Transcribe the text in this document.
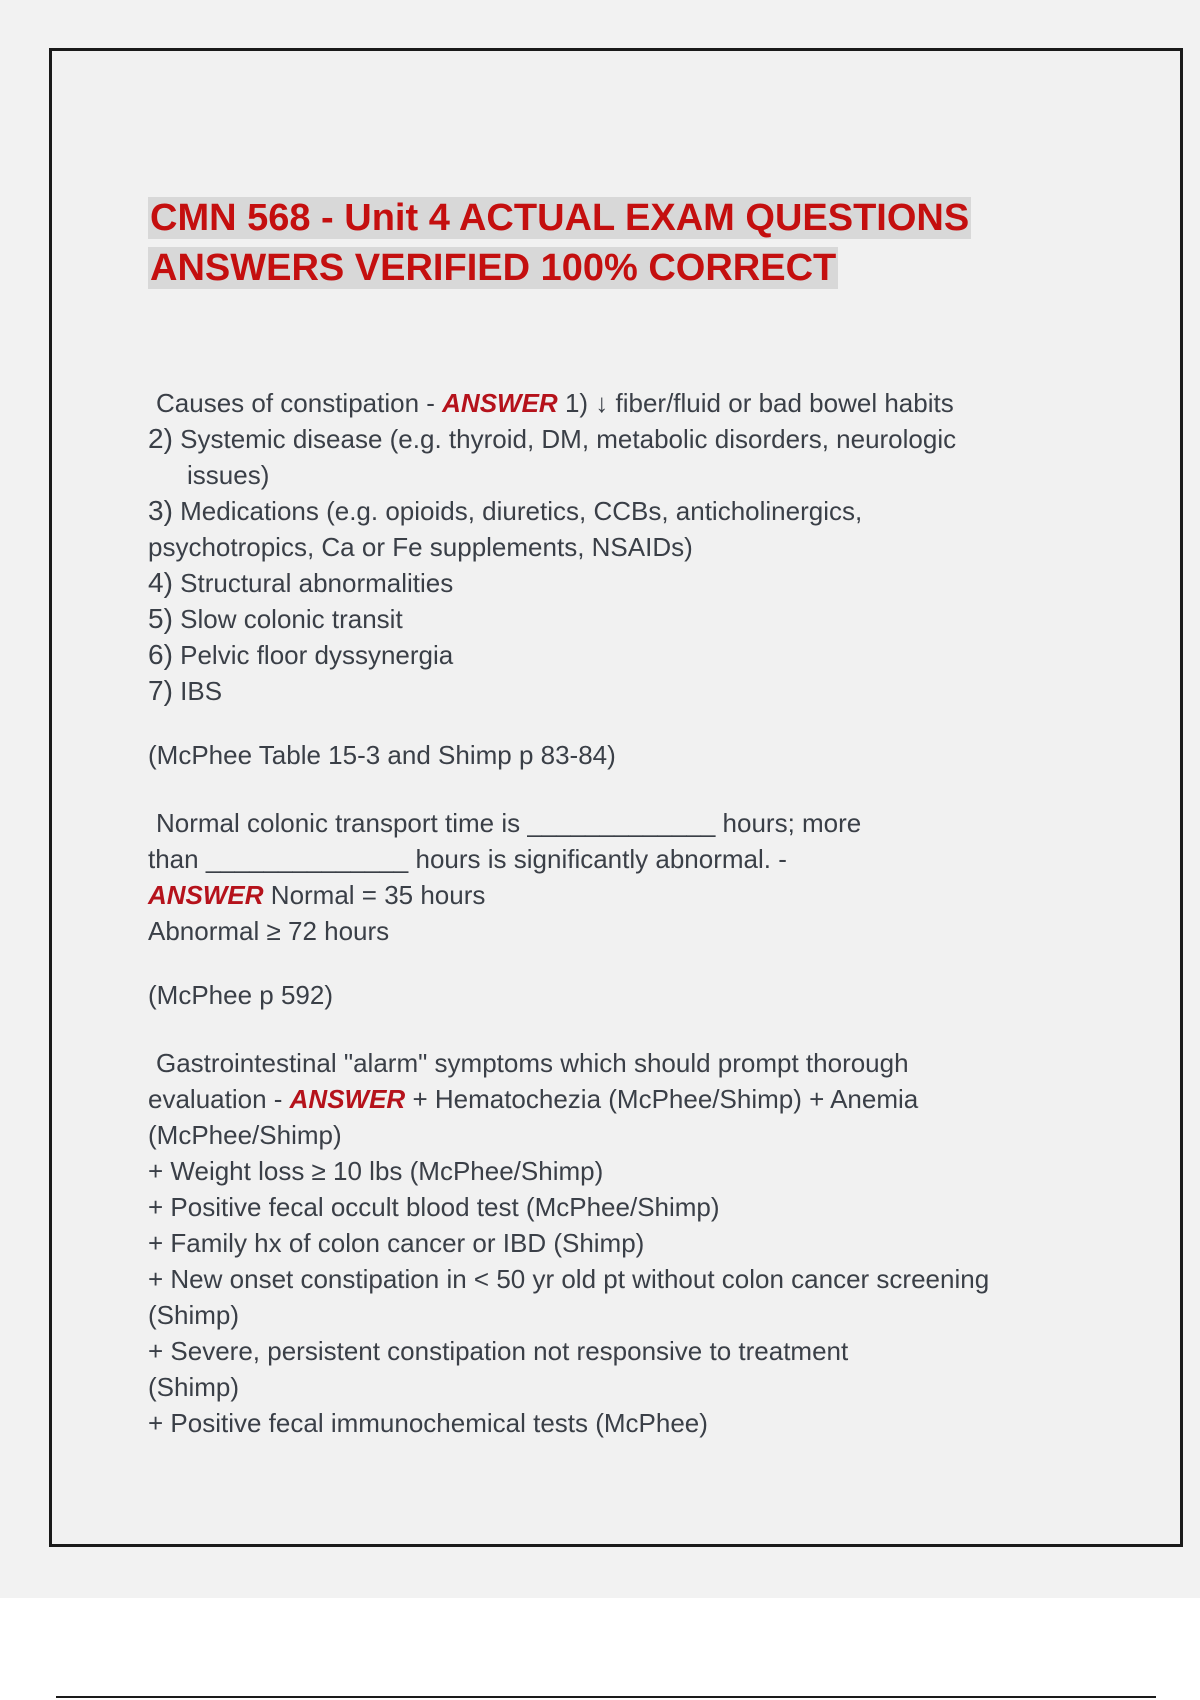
CMN 568 - Unit 4 ACTUAL EXAM QUESTIONS
ANSWERS VERIFIED 100% CORRECT
Causes of constipation - ANSWER 1) ↓ fiber/fluid or bad bowel habits
2) Systemic disease (e.g. thyroid, DM, metabolic disorders, neurologic
issues)
3) Medications (e.g. opioids, diuretics, CCBs, anticholinergics,
psychotropics, Ca or Fe supplements, NSAIDs)
4) Structural abnormalities
5) Slow colonic transit
6) Pelvic floor dyssynergia
7) IBS
(McPhee Table 15-3 and Shimp p 83-84)
Normal colonic transport time is _____________ hours; more
than ______________ hours is significantly abnormal. -
ANSWER Normal = 35 hours
Abnormal ≥ 72 hours
(McPhee p 592)
Gastrointestinal "alarm" symptoms which should prompt thorough
evaluation - ANSWER + Hematochezia (McPhee/Shimp) + Anemia
(McPhee/Shimp)
+ Weight loss ≥ 10 lbs (McPhee/Shimp)
+ Positive fecal occult blood test (McPhee/Shimp)
+ Family hx of colon cancer or IBD (Shimp)
+ New onset constipation in < 50 yr old pt without colon cancer screening
(Shimp)
+ Severe, persistent constipation not responsive to treatment
(Shimp)
+ Positive fecal immunochemical tests (McPhee)
